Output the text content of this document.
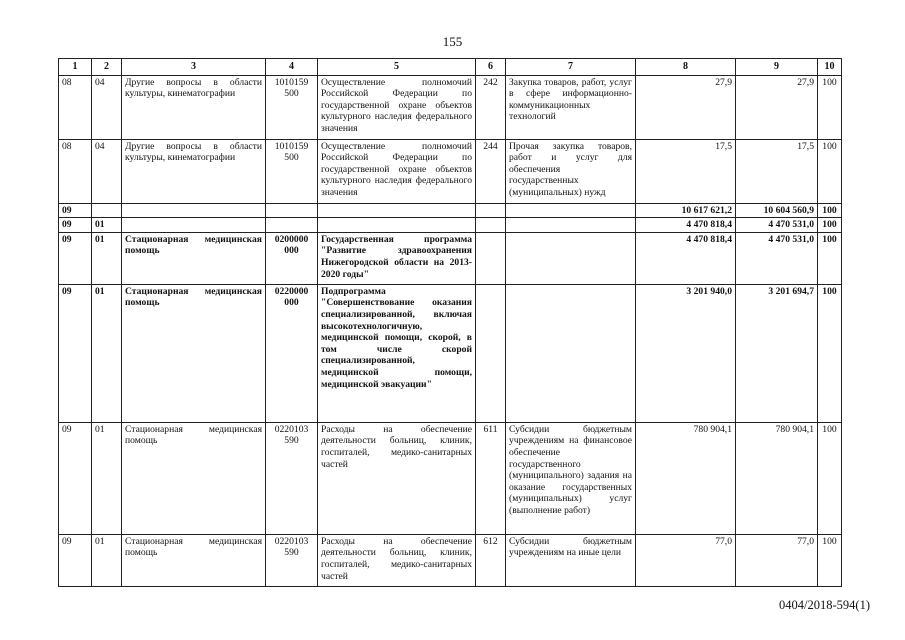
155
1	2	3	4	5	6	7	8	9	10
08	04	Другие вопросы в области культуры, кинематографии	1010159 500	Осуществление полномочий Российской Федерации по государственной охране объектов культурного наследия федерального значения	242	Закупка товаров, работ, услуг в сфере информационно-коммуникационных технологий	27,9	27,9	100
08	04	Другие вопросы в области культуры, кинематографии	1010159 500	Осуществление полномочий Российской Федерации по государственной охране объектов культурного наследия федерального значения	244	Прочая закупка товаров, работ и услуг для обеспечения государственных (муниципальных) нужд	17,5	17,5	100
09							10 617 621,2	10 604 560,9	100
09	01						4 470 818,4	4 470 531,0	100
09	01	Стационарная медицинская помощь	0200000 000	Государственная программа "Развитие здравоохранения Нижегородской области на 2013-2020 годы"			4 470 818,4	4 470 531,0	100
09	01	Стационарная медицинская помощь	0220000 000	Подпрограмма "Совершенствование оказания специализированной, включая высокотехнологичную, медицинской помощи, скорой, в том числе скорой специализированной, медицинской помощи, медицинской эвакуации"			3 201 940,0	3 201 694,7	100
09	01	Стационарная медицинская помощь	0220103 590	Расходы на обеспечение деятельности больниц, клиник, госпиталей, медико-санитарных частей	611	Субсидии бюджетным учреждениям на финансовое обеспечение государственного (муниципального) задания на оказание государственных (муниципальных) услуг (выполнение работ)	780 904,1	780 904,1	100
09	01	Стационарная медицинская помощь	0220103 590	Расходы на обеспечение деятельности больниц, клиник, госпиталей, медико-санитарных частей	612	Субсидии бюджетным учреждениям на иные цели	77,0	77,0	100
0404/2018-594(1)
